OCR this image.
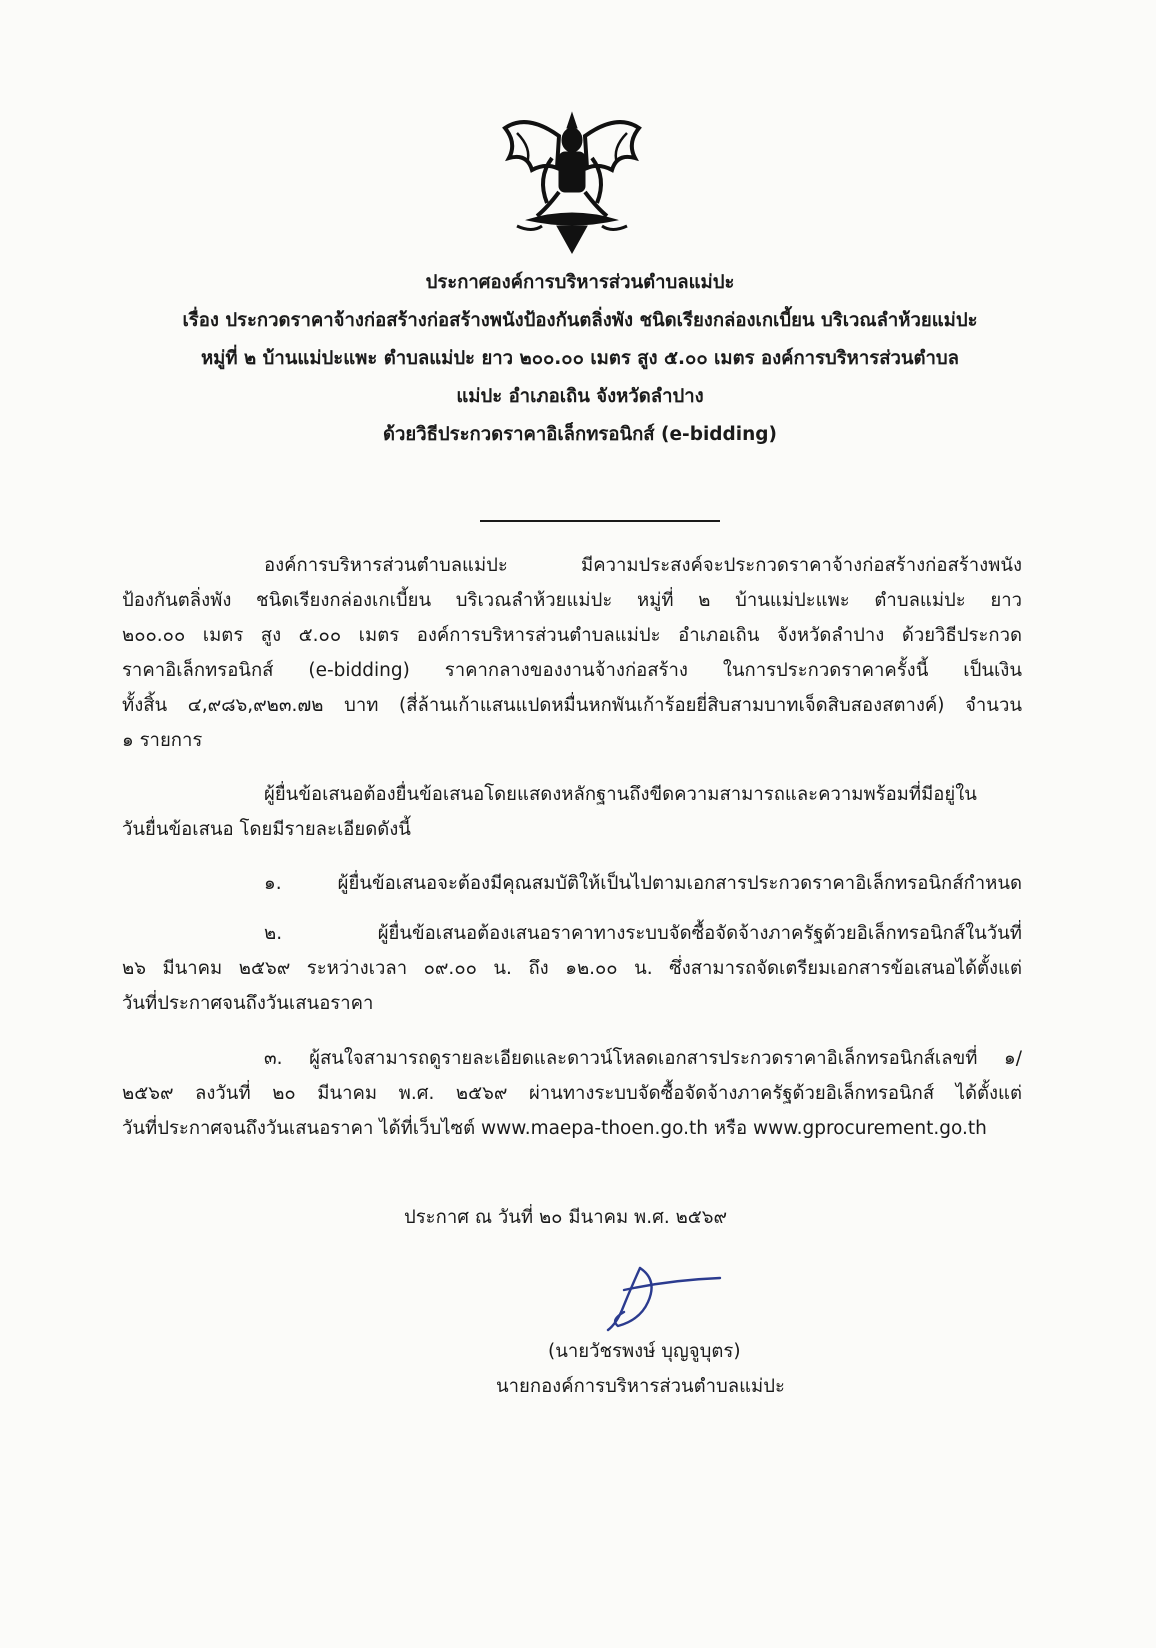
ประกาศองค์การบริหารส่วนตำบลแม่ปะ
เรื่อง ประกวดราคาจ้างก่อสร้างก่อสร้างพนังป้องกันตลิ่งพัง ชนิดเรียงกล่องเกเบี้ยน บริเวณลำห้วยแม่ปะ
หมู่ที่ ๒ บ้านแม่ปะแพะ ตำบลแม่ปะ ยาว ๒๐๐.๐๐ เมตร สูง ๕.๐๐ เมตร องค์การบริหารส่วนตำบล
แม่ปะ อำเภอเถิน จังหวัดลำปาง
ด้วยวิธีประกวดราคาอิเล็กทรอนิกส์ (e-bidding)
องค์การบริหารส่วนตำบลแม่ปะ มีความประสงค์จะประกวดราคาจ้างก่อสร้างก่อสร้างพนัง
ป้องกันตลิ่งพัง ชนิดเรียงกล่องเกเบี้ยน บริเวณลำห้วยแม่ปะ หมู่ที่ ๒ บ้านแม่ปะแพะ ตำบลแม่ปะ ยาว
๒๐๐.๐๐ เมตร สูง ๕.๐๐ เมตร องค์การบริหารส่วนตำบลแม่ปะ อำเภอเถิน จังหวัดลำปาง ด้วยวิธีประกวด
ราคาอิเล็กทรอนิกส์ (e-bidding) ราคากลางของงานจ้างก่อสร้าง ในการประกวดราคาครั้งนี้ เป็นเงิน
ทั้งสิ้น ๔,๙๘๖,๙๒๓.๗๒ บาท (สี่ล้านเก้าแสนแปดหมื่นหกพันเก้าร้อยยี่สิบสามบาทเจ็ดสิบสองสตางค์) จำนวน
๑ รายการ
ผู้ยื่นข้อเสนอต้องยื่นข้อเสนอโดยแสดงหลักฐานถึงขีดความสามารถและความพร้อมที่มีอยู่ใน
วันยื่นข้อเสนอ โดยมีรายละเอียดดังนี้
๑. ผู้ยื่นข้อเสนอจะต้องมีคุณสมบัติให้เป็นไปตามเอกสารประกวดราคาอิเล็กทรอนิกส์กำหนด
๒. ผู้ยื่นข้อเสนอต้องเสนอราคาทางระบบจัดซื้อจัดจ้างภาครัฐด้วยอิเล็กทรอนิกส์ในวันที่
๒๖ มีนาคม ๒๕๖๙ ระหว่างเวลา ๐๙.๐๐ น. ถึง ๑๒.๐๐ น. ซึ่งสามารถจัดเตรียมเอกสารข้อเสนอได้ตั้งแต่
วันที่ประกาศจนถึงวันเสนอราคา
๓. ผู้สนใจสามารถดูรายละเอียดและดาวน์โหลดเอกสารประกวดราคาอิเล็กทรอนิกส์เลขที่ ๑/
๒๕๖๙ ลงวันที่ ๒๐ มีนาคม พ.ศ. ๒๕๖๙ ผ่านทางระบบจัดซื้อจัดจ้างภาครัฐด้วยอิเล็กทรอนิกส์ ได้ตั้งแต่
วันที่ประกาศจนถึงวันเสนอราคา ได้ที่เว็บไซต์ www.maepa-thoen.go.th หรือ www.gprocurement.go.th
ประกาศ ณ วันที่ ๒๐ มีนาคม พ.ศ. ๒๕๖๙
(นายวัชรพงษ์ บุญจูบุตร)
นายกองค์การบริหารส่วนตำบลแม่ปะ
